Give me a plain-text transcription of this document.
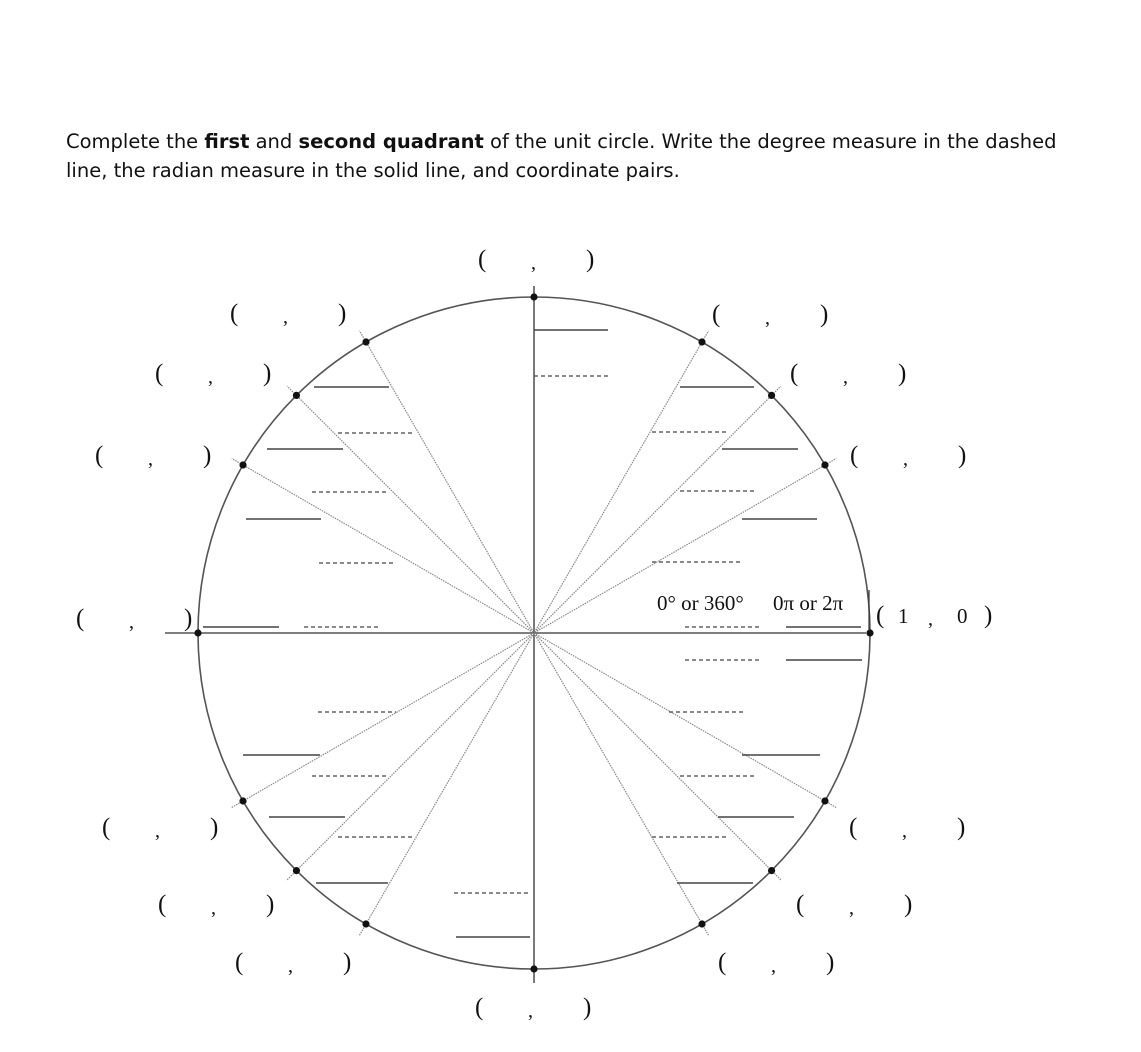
Complete the first and second quadrant of the unit circle. Write the degree measure in the dashed line, the radian measure in the solid line, and coordinate pairs.

( , )
( , )	( , )
( , )	( , )
( , )	( , )
( , )
( , )	( , )
( , )	( , )
( , )	( , )
( , )
0° or 360° 0π or 2π ( 1 , 0 )
